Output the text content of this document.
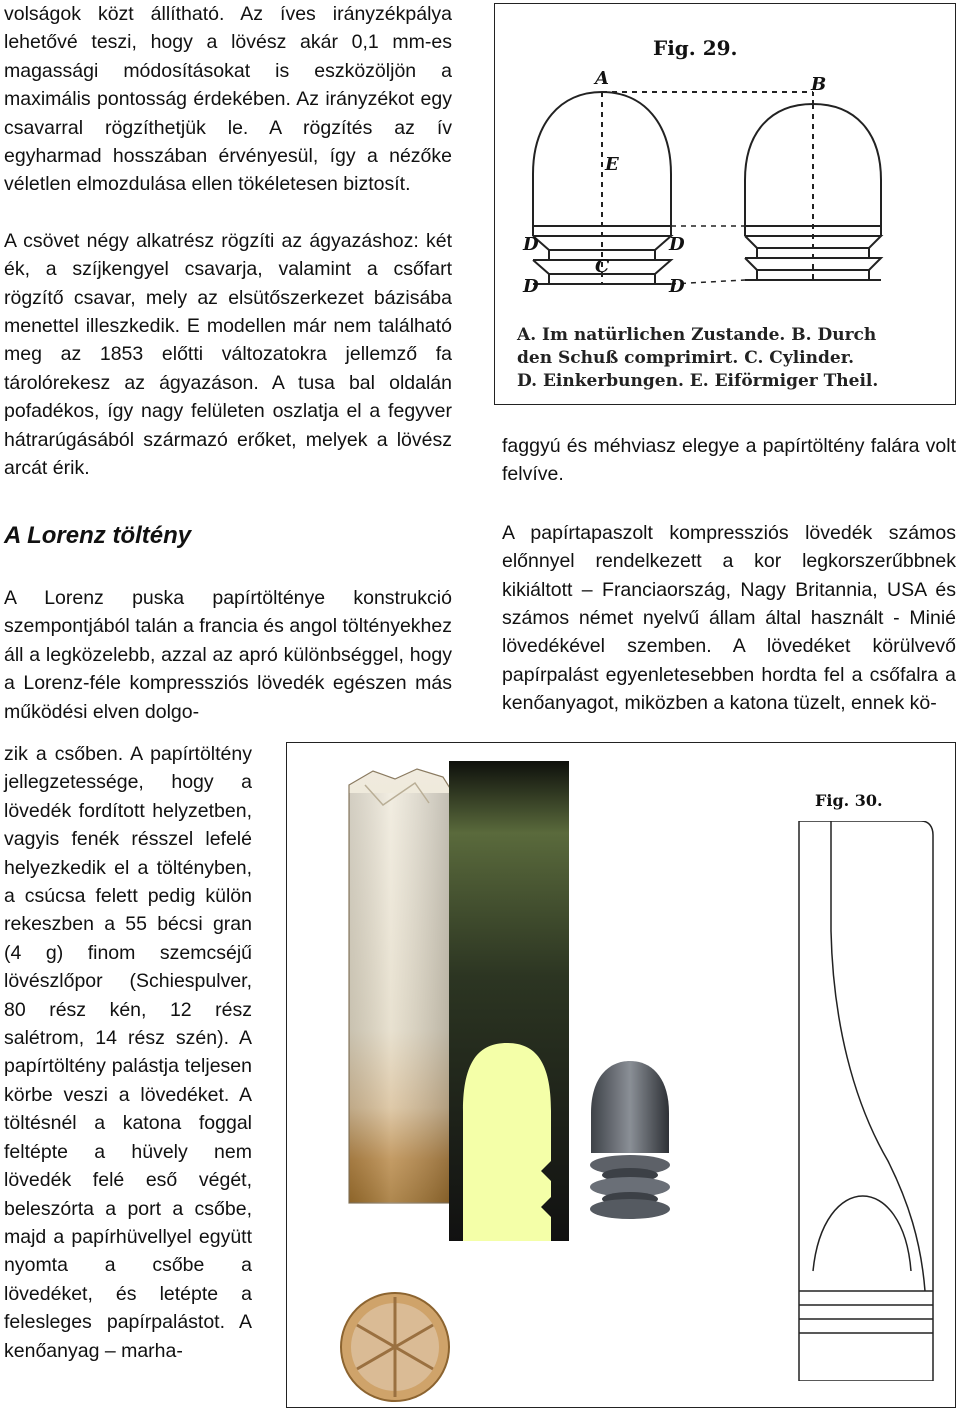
volságok közt állítható. Az íves irányzékpálya lehetővé teszi, hogy a lövész akár 0,1 mm-es magassági módosításokat is eszközöljön a maximális pontosság érdekében. Az irányzékot egy csavarral rögzíthetjük le. A rögzítés az ív egyharmad hosszában érvényesül, így a nézőke véletlen elmozdulása ellen tökéletesen biztosít.

A csövet négy alkatrész rögzíti az ágyazáshoz: két ék, a szíjkengyel csavarja, valamint a csőfart rögzítő csavar, mely az elsütőszerkezet bázisába menettel illeszkedik. E modellen már nem található meg az 1853 előtti változatokra jellemző fa tárolórekesz az ágyazáson. A tusa bal oldalán pofadékos, így nagy felületen oszlatja el a fegyver hátrarúgásából származó erőket, melyek a lövész arcát érik.

A Lorenz töltény
A Lorenz puska papírtölténye konstrukció szempontjából talán a francia és angol töltényekhez áll a legközelebb, azzal az apró különbséggel, hogy a Lorenz-féle kompressziós lövedék egészen más működési elven dolgo-
zik a csőben. A papírtöltény jellegzetessége, hogy a lövedék fordított helyzetben, vagyis fenék résszel lefelé helyezkedik el a töltényben, a csúcsa felett pedig külön rekeszben a 55 bécsi gran (4 g) finom szemcséjű lövészlőpor (Schiespulver, 80 rész kén, 12 rész salétrom, 14 rész szén). A papírtöltény palástja teljesen körbe veszi a lövedéket. A töltésnél a katona foggal feltépte a hüvely nem lövedék felé eső végét, beleszórta a port a csőbe, majd a papírhüvellyel együtt nyomta a csőbe a lövedéket, és letépte a felesleges papírpalástot. A kenőanyag – marha-

faggyú és méhviasz elegye a papírtöltény falára volt felvíve.

A papírtapaszolt kompressziós lövedék számos előnnyel rendelkezett a kor legkorszerűbbnek kikiáltott – Franciaország, Nagy Britannia, USA és számos német nyelvű állam által használt - Minié lövedékével szemben. A lövedéket körülvevő papírpalást egyenletesebben hordta fel a csőfalra a kenőanyagot, miközben a katona tüzelt, ennek kö-

Fig. 29.
A	B
E
C
D	D
D	D
A. Im natürlichen Zustande. B. Durch
den Schuß comprimirt. C. Cylinder.
D. Einkerbungen. E. Eiförmiger Theil.
Fig. 30.
